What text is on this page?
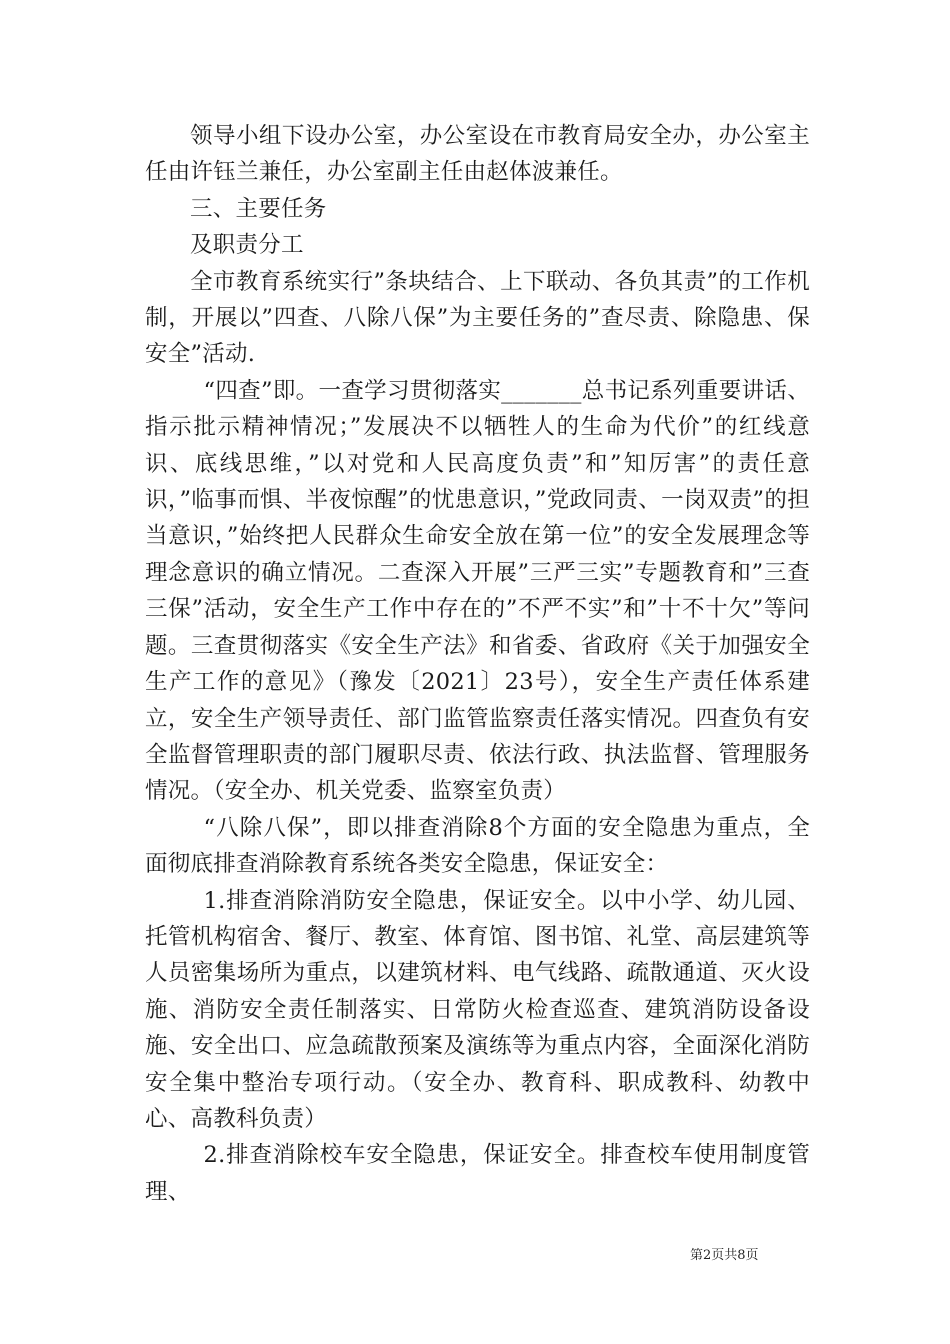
领导小组下设办公室，办公室设在市教育局安全办，办公室主任由许钰兰兼任，办公室副主任由赵体波兼任。

三、主要任务

及职责分工

全市教育系统实行”条块结合、上下联动、各负其责”的工作机制，开展以”四查、八除八保”为主要任务的”查尽责、除隐患、保安全”活动.

“四查”即。一查学习贯彻落实_______总书记系列重要讲话、指示批示精神情况；”发展决不以牺牲人的生命为代价”的红线意识、底线思维，”以对党和人民高度负责”和”知厉害”的责任意识，”临事而惧、半夜惊醒”的忧患意识，”党政同责、一岗双责”的担当意识，”始终把人民群众生命安全放在第一位”的安全发展理念等理念意识的确立情况。二查深入开展”三严三实”专题教育和”三查三保”活动，安全生产工作中存在的”不严不实”和”十不十欠”等问题。三查贯彻落实《安全生产法》和省委、省政府《关于加强安全生产工作的意见》（豫发〔2021〕23号），安全生产责任体系建立，安全生产领导责任、部门监管监察责任落实情况。四查负有安全监督管理职责的部门履职尽责、依法行政、执法监督、管理服务情况。（安全办、机关党委、监察室负责）

“八除八保”，即以排查消除8个方面的安全隐患为重点，全面彻底排查消除教育系统各类安全隐患，保证安全：

1.排查消除消防安全隐患，保证安全。以中小学、幼儿园、托管机构宿舍、餐厅、教室、体育馆、图书馆、礼堂、高层建筑等人员密集场所为重点，以建筑材料、电气线路、疏散通道、灭火设施、消防安全责任制落实、日常防火检查巡查、建筑消防设备设施、安全出口、应急疏散预案及演练等为重点内容，全面深化消防安全集中整治专项行动。（安全办、教育科、职成教科、幼教中心、高教科负责）

2.排查消除校车安全隐患，保证安全。排查校车使用制度管理、

第2页共8页
